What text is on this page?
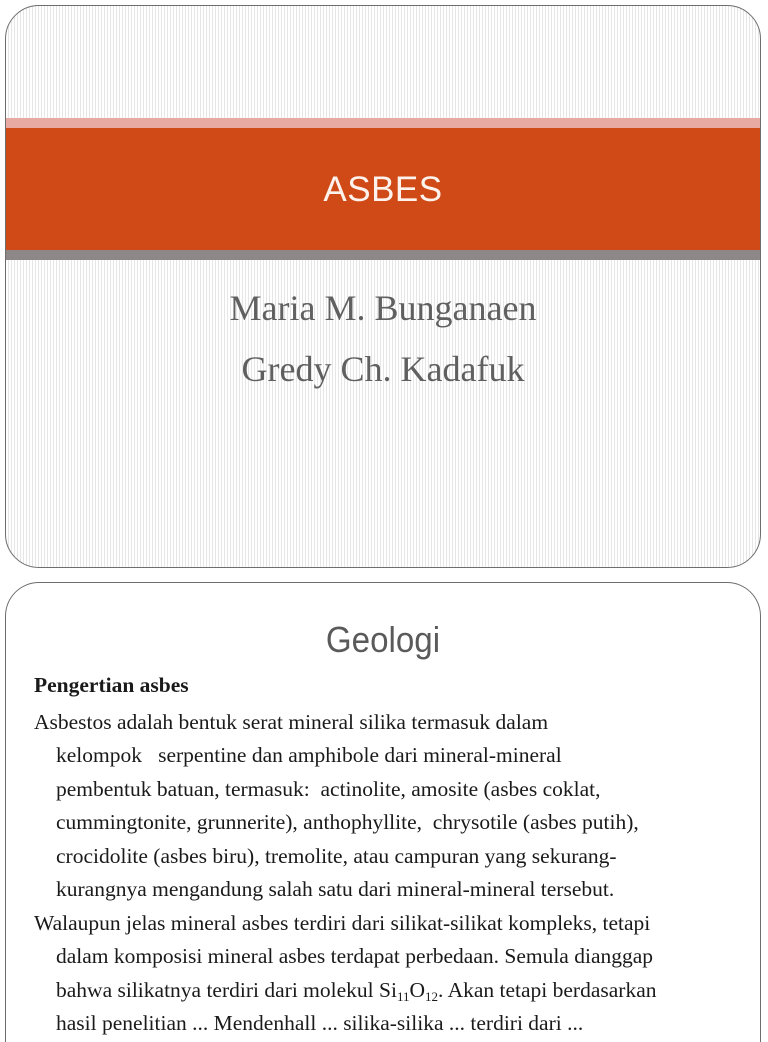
ASBES
Maria M. Bunganaen
Gredy Ch. Kadafuk
Geologi
Pengertian asbes
Asbestos adalah bentuk serat mineral silika termasuk dalam
kelompok   serpentine dan amphibole dari mineral-mineral
pembentuk batuan, termasuk:  actinolite, amosite (asbes coklat,
cummingtonite, grunnerite), anthophyllite,  chrysotile (asbes putih),
crocidolite (asbes biru), tremolite, atau campuran yang sekurang-
kurangnya mengandung salah satu dari mineral-mineral tersebut.
Walaupun jelas mineral asbes terdiri dari silikat-silikat kompleks, tetapi
dalam komposisi mineral asbes terdapat perbedaan. Semula dianggap
bahwa silikatnya terdiri dari molekul $Si_{11}O_{12}$. Akan tetapi berdasarkan
hasil penelitian ... Mendenhall ... silika-silika ... terdiri dari ...
